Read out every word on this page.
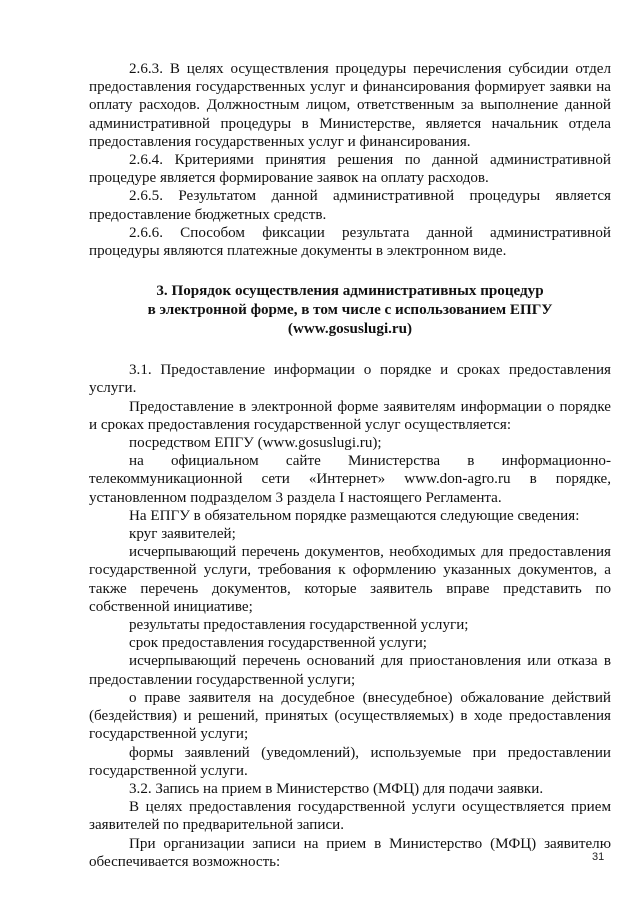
2.6.3. В целях осуществления процедуры перечисления субсидии отдел предоставления государственных услуг и финансирования формирует заявки на оплату расходов. Должностным лицом, ответственным за выполнение данной административной процедуры в Министерстве, является начальник отдела предоставления государственных услуг и финансирования.

2.6.4. Критериями принятия решения по данной административной процедуре является формирование заявок на оплату расходов.

2.6.5. Результатом данной административной процедуры является предоставление бюджетных средств.

2.6.6. Способом фиксации результата данной административной процедуры являются платежные документы в электронном виде.

3. Порядок осуществления административных процедур
в электронной форме, в том числе с использованием ЕПГУ
(www.gosuslugi.ru)

3.1. Предоставление информации о порядке и сроках предоставления услуги.

Предоставление в электронной форме заявителям информации о порядке и сроках предоставления государственной услуг осуществляется:

посредством ЕПГУ (www.gosuslugi.ru);

на официальном сайте Министерства в информационно-телекоммуникационной сети «Интернет» www.don-agro.ru в порядке, установленном подразделом 3 раздела I настоящего Регламента.

На ЕПГУ в обязательном порядке размещаются следующие сведения:

круг заявителей;

исчерпывающий перечень документов, необходимых для предоставления государственной услуги, требования к оформлению указанных документов, а также перечень документов, которые заявитель вправе представить по собственной инициативе;

результаты предоставления государственной услуги;

срок предоставления государственной услуги;

исчерпывающий перечень оснований для приостановления или отказа в предоставлении государственной услуги;

о праве заявителя на досудебное (внесудебное) обжалование действий (бездействия) и решений, принятых (осуществляемых) в ходе предоставления государственной услуги;

формы заявлений (уведомлений), используемые при предоставлении государственной услуги.

3.2. Запись на прием в Министерство (МФЦ) для подачи заявки.

В целях предоставления государственной услуги осуществляется прием заявителей по предварительной записи.

При организации записи на прием в Министерство (МФЦ) заявителю обеспечивается возможность:	31
